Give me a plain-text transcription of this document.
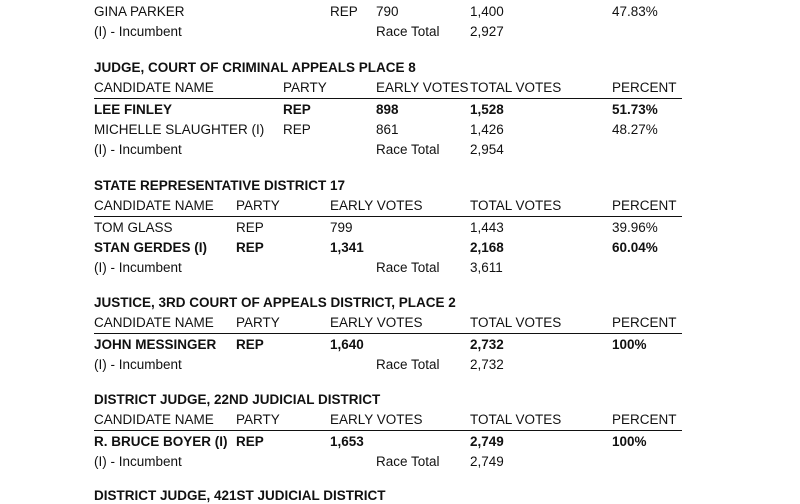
GINA PARKER	REP 790	1,400	47.83%
(I) - Incumbent	Race Total 2,927
JUDGE, COURT OF CRIMINAL APPEALS PLACE 8
CANDIDATE NAME	PARTY	EARLY VOTES TOTAL VOTES	PERCENT
LEE FINLEY	REP	898	1,528	51.73%
MICHELLE SLAUGHTER (I) REP	861	1,426	48.27%
(I) - Incumbent	Race Total 2,954
STATE REPRESENTATIVE DISTRICT 17
CANDIDATE NAME PARTY	EARLY VOTES	TOTAL VOTES	PERCENT
TOM GLASS	REP	799	1,443	39.96%
STAN GERDES (I) REP	1,341	2,168	60.04%
(I) - Incumbent	Race Total 3,611
JUSTICE, 3RD COURT OF APPEALS DISTRICT, PLACE 2
CANDIDATE NAME PARTY	EARLY VOTES	TOTAL VOTES	PERCENT
JOHN MESSINGER REP	1,640	2,732	100%
(I) - Incumbent	Race Total 2,732
DISTRICT JUDGE, 22ND JUDICIAL DISTRICT
CANDIDATE NAME PARTY	EARLY VOTES	TOTAL VOTES	PERCENT
R. BRUCE BOYER (I) REP	1,653	2,749	100%
(I) - Incumbent	Race Total 2,749
DISTRICT JUDGE, 421ST JUDICIAL DISTRICT
